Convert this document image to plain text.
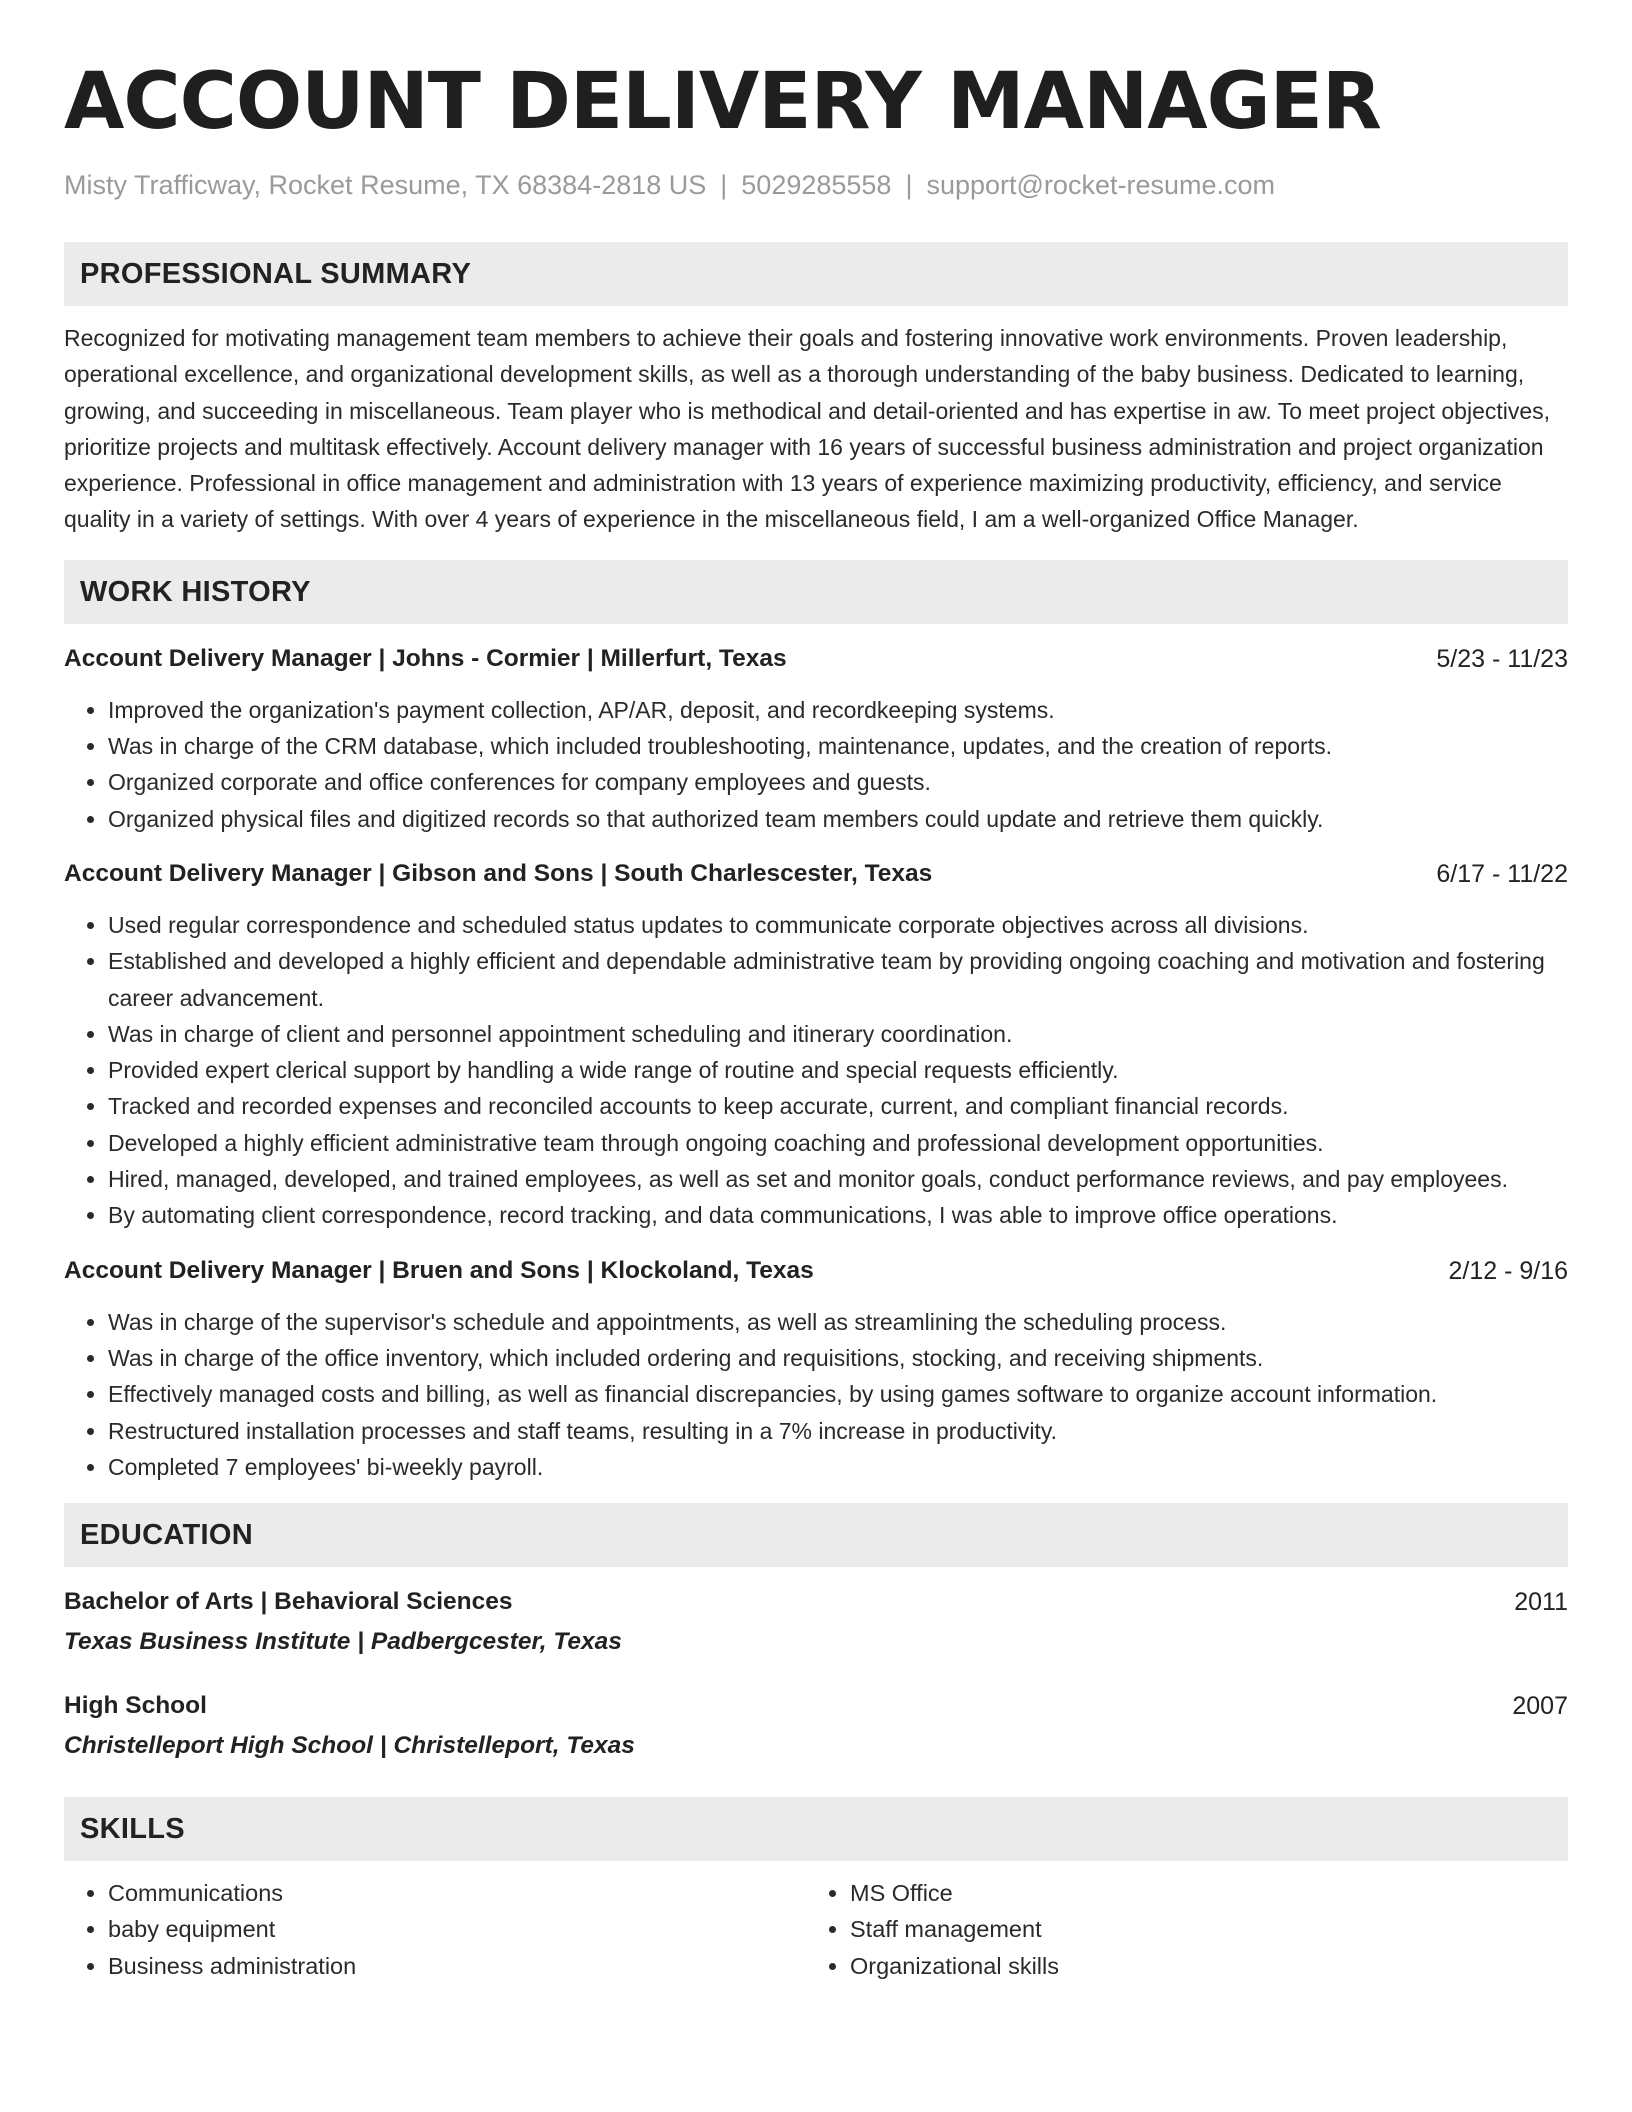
ACCOUNT DELIVERY MANAGER
Misty Trafficway, Rocket Resume, TX 68384-2818 US | 5029285558 | support@rocket-resume.com
PROFESSIONAL SUMMARY
Recognized for motivating management team members to achieve their goals and fostering innovative work environments. Proven leadership, operational excellence, and organizational development skills, as well as a thorough understanding of the baby business. Dedicated to learning, growing, and succeeding in miscellaneous. Team player who is methodical and detail-oriented and has expertise in aw. To meet project objectives, prioritize projects and multitask effectively. Account delivery manager with 16 years of successful business administration and project organization experience. Professional in office management and administration with 13 years of experience maximizing productivity, efficiency, and service quality in a variety of settings. With over 4 years of experience in the miscellaneous field, I am a well-organized Office Manager.
WORK HISTORY
Account Delivery Manager | Johns - Cormier | Millerfurt, Texas	5/23 - 11/23
• Improved the organization's payment collection, AP/AR, deposit, and recordkeeping systems.
• Was in charge of the CRM database, which included troubleshooting, maintenance, updates, and the creation of reports.
• Organized corporate and office conferences for company employees and guests.
• Organized physical files and digitized records so that authorized team members could update and retrieve them quickly.
Account Delivery Manager | Gibson and Sons | South Charlescester, Texas	6/17 - 11/22
• Used regular correspondence and scheduled status updates to communicate corporate objectives across all divisions.
• Established and developed a highly efficient and dependable administrative team by providing ongoing coaching and motivation and fostering career advancement.
• Was in charge of client and personnel appointment scheduling and itinerary coordination.
• Provided expert clerical support by handling a wide range of routine and special requests efficiently.
• Tracked and recorded expenses and reconciled accounts to keep accurate, current, and compliant financial records.
• Developed a highly efficient administrative team through ongoing coaching and professional development opportunities.
• Hired, managed, developed, and trained employees, as well as set and monitor goals, conduct performance reviews, and pay employees.
• By automating client correspondence, record tracking, and data communications, I was able to improve office operations.
Account Delivery Manager | Bruen and Sons | Klockoland, Texas	2/12 - 9/16
• Was in charge of the supervisor's schedule and appointments, as well as streamlining the scheduling process.
• Was in charge of the office inventory, which included ordering and requisitions, stocking, and receiving shipments.
• Effectively managed costs and billing, as well as financial discrepancies, by using games software to organize account information.
• Restructured installation processes and staff teams, resulting in a 7% increase in productivity.
• Completed 7 employees' bi-weekly payroll.
EDUCATION
Bachelor of Arts | Behavioral Sciences	2011
Texas Business Institute | Padbergcester, Texas
High School	2007
Christelleport High School | Christelleport, Texas
SKILLS
• Communications
• baby equipment
• Business administration
• MS Office
• Staff management
• Organizational skills
